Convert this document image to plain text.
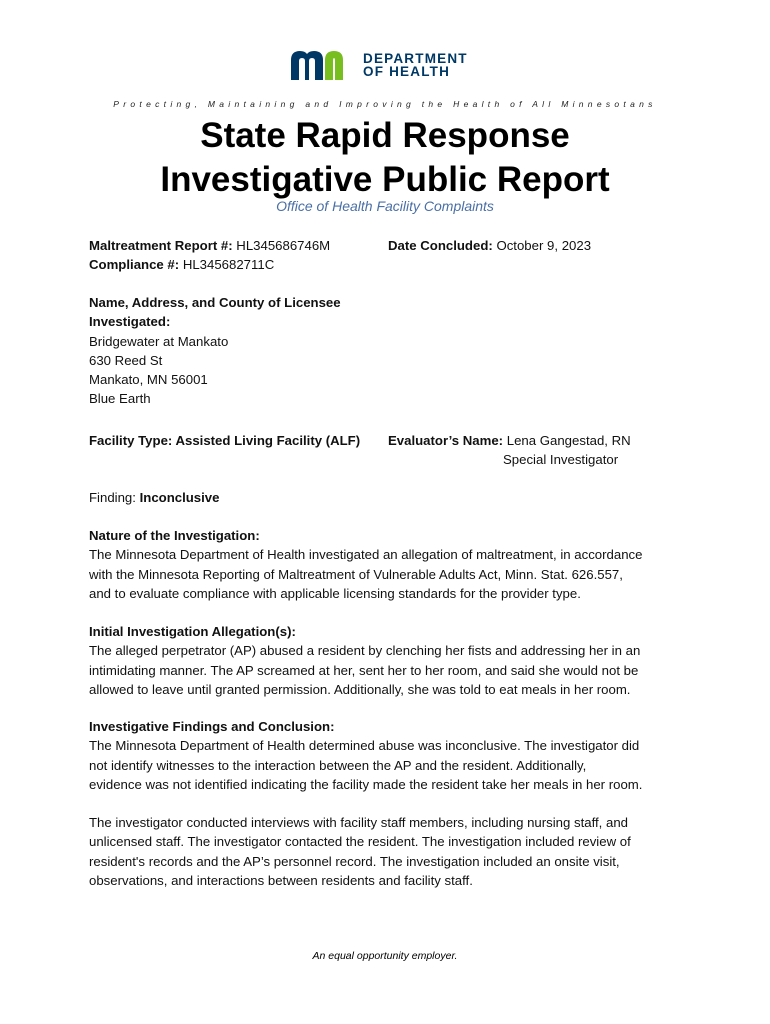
DEPARTMENT
OF HEALTH
Protecting, Maintaining and Improving the Health of All Minnesotans
State Rapid Response
Investigative Public Report
Office of Health Facility Complaints
Maltreatment Report #: HL345686746M
Compliance #: HL345682711C
Date Concluded: October 9, 2023
Name, Address, and County of Licensee
Investigated:
Bridgewater at Mankato
630 Reed St
Mankato, MN 56001
Blue Earth
Facility Type: Assisted Living Facility (ALF) Evaluator’s Name: Lena Gangestad, RN
Special Investigator
Finding: Inconclusive
Nature of the Investigation:
The Minnesota Department of Health investigated an allegation of maltreatment, in accordance
with the Minnesota Reporting of Maltreatment of Vulnerable Adults Act, Minn. Stat. 626.557,
and to evaluate compliance with applicable licensing standards for the provider type.
Initial Investigation Allegation(s):
The alleged perpetrator (AP) abused a resident by clenching her fists and addressing her in an
intimidating manner. The AP screamed at her, sent her to her room, and said she would not be
allowed to leave until granted permission. Additionally, she was told to eat meals in her room.
Investigative Findings and Conclusion:
The Minnesota Department of Health determined abuse was inconclusive. The investigator did
not identify witnesses to the interaction between the AP and the resident. Additionally,
evidence was not identified indicating the facility made the resident take her meals in her room.
The investigator conducted interviews with facility staff members, including nursing staff, and
unlicensed staff. The investigator contacted the resident. The investigation included review of
resident's records and the AP’s personnel record. The investigation included an onsite visit,
observations, and interactions between residents and facility staff.
An equal opportunity employer.
